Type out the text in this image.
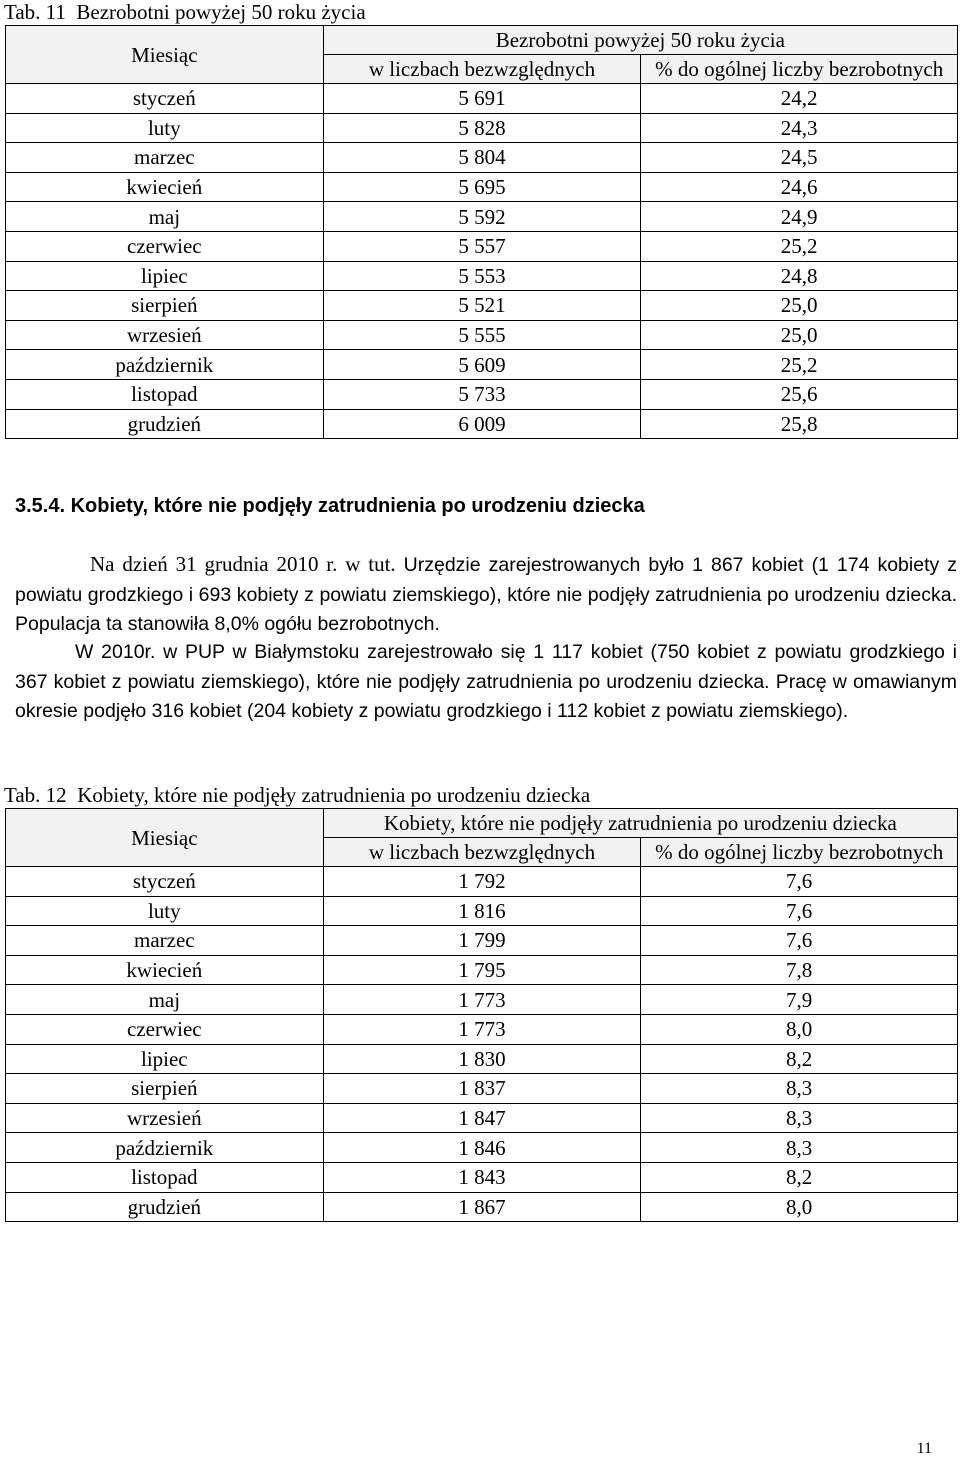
Tab. 11 Bezrobotni powyżej 50 roku życia
Miesiąc	Bezrobotni powyżej 50 roku życia	
	w liczbach bezwzględnych	% do ogólnej liczby bezrobotnych
styczeń	5 691	24,2
luty	5 828	24,3
marzec	5 804	24,5
kwiecień	5 695	24,6
maj	5 592	24,9
czerwiec	5 557	25,2
lipiec	5 553	24,8
sierpień	5 521	25,0
wrzesień	5 555	25,0
październik	5 609	25,2
listopad	5 733	25,6
grudzień	6 009	25,8
3.5.4. Kobiety, które nie podjęły zatrudnienia po urodzeniu dziecka
Na dzień 31 grudnia 2010 r. w tut. Urzędzie zarejestrowanych było 1 867 kobiet (1 174 kobiety z powiatu grodzkiego i 693 kobiety z powiatu ziemskiego), które nie podjęły zatrudnienia po urodzeniu dziecka. Populacja ta stanowiła 8,0% ogółu bezrobotnych.
W 2010r. w PUP w Białymstoku zarejestrowało się 1 117 kobiet (750 kobiet z powiatu grodzkiego i 367 kobiet z powiatu ziemskiego), które nie podjęły zatrudnienia po urodzeniu dziecka. Pracę w omawianym okresie podjęło 316 kobiet (204 kobiety z powiatu grodzkiego i 112 kobiet z powiatu ziemskiego).
Tab. 12 Kobiety, które nie podjęły zatrudnienia po urodzeniu dziecka
Miesiąc	Kobiety, które nie podjęły zatrudnienia po urodzeniu dziecka	
	w liczbach bezwzględnych	% do ogólnej liczby bezrobotnych
styczeń	1 792	7,6
luty	1 816	7,6
marzec	1 799	7,6
kwiecień	1 795	7,8
maj	1 773	7,9
czerwiec	1 773	8,0
lipiec	1 830	8,2
sierpień	1 837	8,3
wrzesień	1 847	8,3
październik	1 846	8,3
listopad	1 843	8,2
grudzień	1 867	8,0
11
